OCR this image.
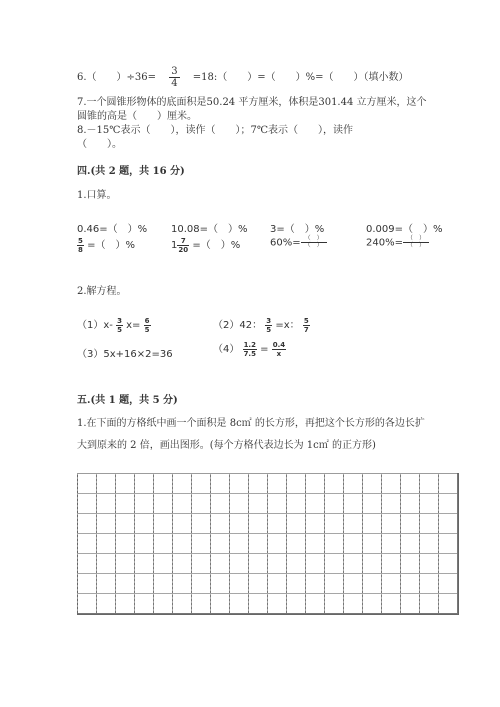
6.（　　）$\div 36= \frac{3}{4}$ =18:（　　）=（　　）%=（　　）（填小数）
7.一个圆锥形物体的底面积是50.24 平方厘米，体积是301.44 立方厘米，这个
圆锥的高是（　　）厘米。
8.－15℃表示（　　），读作（　　）；7℃表示（　　），读作
（　　）。
四.(共 2 题，共 16 分)
1.口算。
0.46=（　）% 10.08=（　）% 3=（　）%	0.009=（　）%
$\frac{5}{8}$ =（　）%	$1 \frac{7}{20}$ =（　）%	$60\%= \frac{( )}{( )}$	$240\%= \frac{( )}{( )}$
2.解方程。
$(1)x- \frac{3}{5} x= \frac{6}{5}$	（2）42： $\frac{3}{5} =x$： $\frac{5}{7}$
（3）5x+16×2=36	$(4) \frac{1.2}{7.5} = \frac{0.4}{x}$
五.(共 1 题，共 5 分)
1.在下面的方格纸中画一个面积是 8c㎡ 的长方形，再把这个长方形的各边长扩
大到原来的 2 倍，画出图形。(每个方格代表边长为 1c㎡ 的正方形)
